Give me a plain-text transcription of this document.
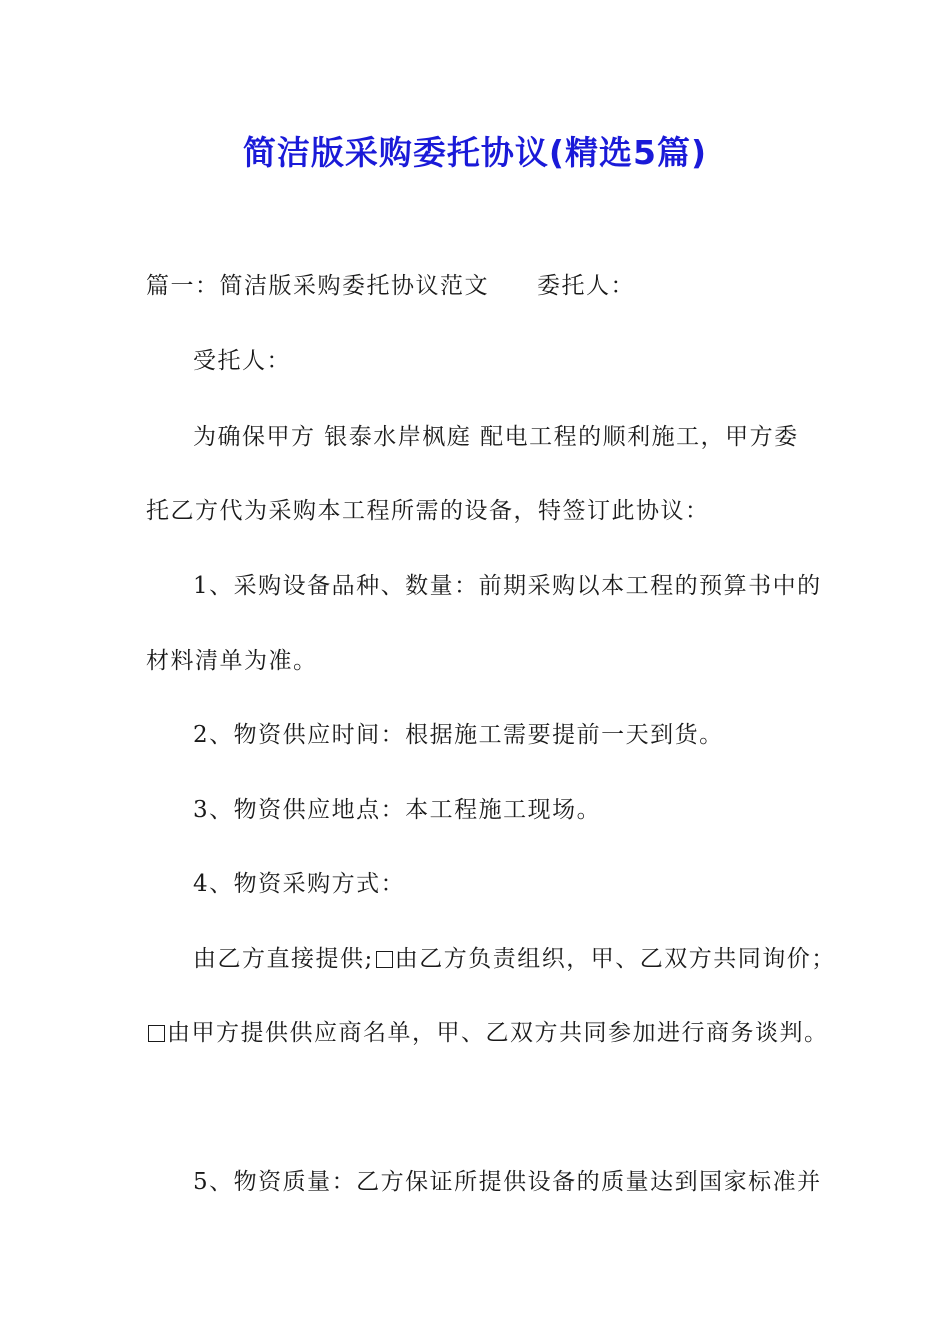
简洁版采购委托协议(精选5篇)
篇一：简洁版采购委托协议范文 委托人：
受托人：
为确保甲方 银泰水岸枫庭 配电工程的顺利施工，甲方委
托乙方代为采购本工程所需的设备，特签订此协议：
1、采购设备品种、数量：前期采购以本工程的预算书中的
材料清单为准。
2、物资供应时间：根据施工需要提前一天到货。
3、物资供应地点：本工程施工现场。
4、物资采购方式：
由乙方直接提供; 由乙方负责组织，甲、乙双方共同询价；
由甲方提供供应商名单，甲、乙双方共同参加进行商务谈判。
5、物资质量：乙方保证所提供设备的质量达到国家标准并
